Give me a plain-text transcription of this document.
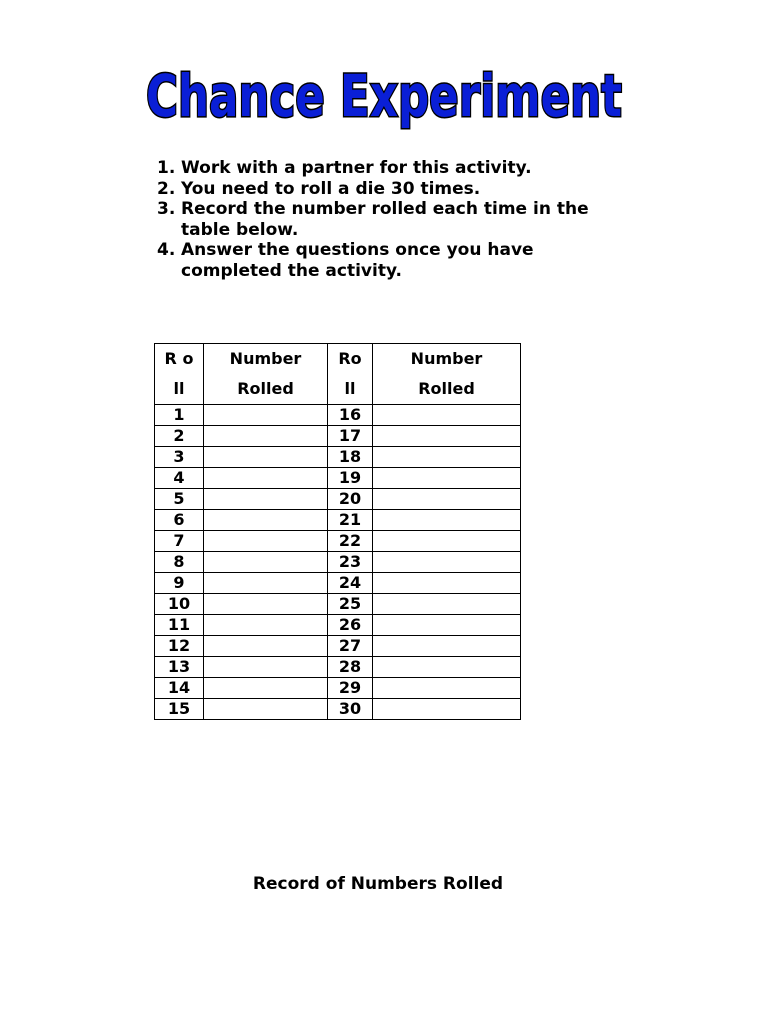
Chance Experiment
1. Work with a partner for this activity.
2. You need to roll a die 30 times.
3. Record the number rolled each time in the table below.
4. Answer the questions once you have completed the activity.
R oll	Number Rolled	Ro ll	Number Rolled

1		16	
2		17	
3		18	
4		19	
5		20	
6		21	
7		22	
8		23	
9		24	
10		25	
11		26	
12		27	
13		28	
14		29	
15		30	
Record of Numbers Rolled
